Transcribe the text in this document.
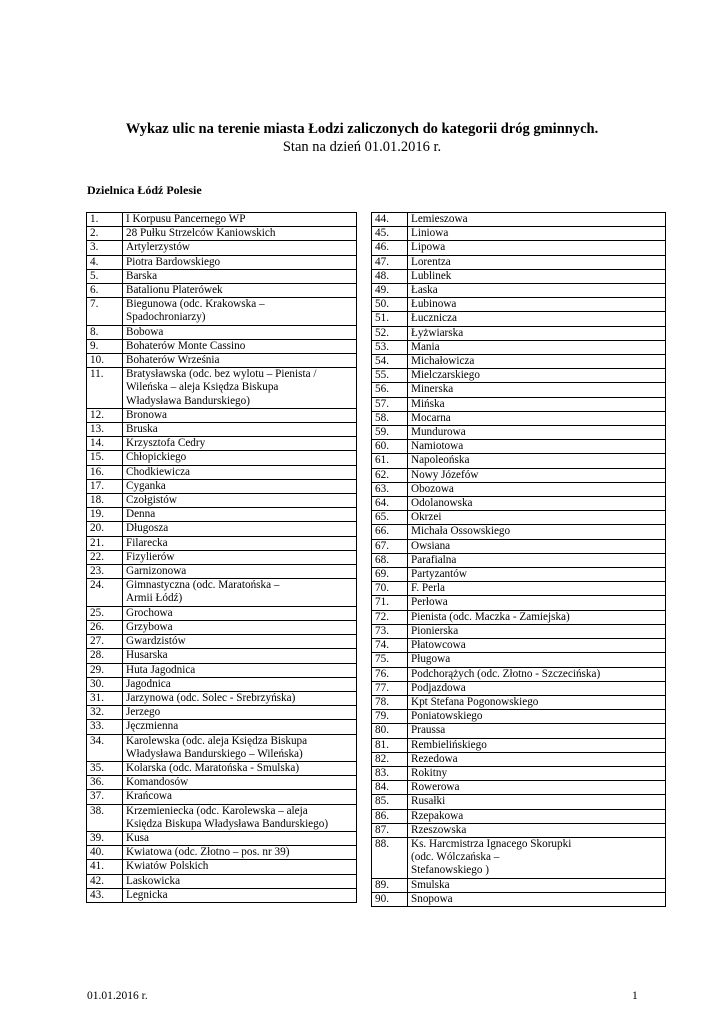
Wykaz ulic na terenie miasta Łodzi zaliczonych do kategorii dróg gminnych.
Stan na dzień 01.01.2016 r.
Dzielnica Łódź Polesie
1.	I Korpusu Pancernego WP
2.	28 Pułku Strzelców Kaniowskich
3.	Artylerzystów
4.	Piotra Bardowskiego
5.	Barska
6.	Batalionu Platerówek
7.	Biegunowa (odc. Krakowska –
Spadochroniarzy)
8.	Bobowa
9.	Bohaterów Monte Cassino
10.	Bohaterów Września
11.	Bratysławska (odc. bez wylotu – Pienista /
Wileńska – aleja Księdza Biskupa
Władysława Bandurskiego)
12.	Bronowa
13.	Bruska
14.	Krzysztofa Cedry
15.	Chłopickiego
16.	Chodkiewicza
17.	Cyganka
18.	Czołgistów
19.	Denna
20.	Długosza
21.	Filarecka
22.	Fizylierów
23.	Garnizonowa
24.	Gimnastyczna (odc. Maratońska –
Armii Łódź)
25.	Grochowa
26.	Grzybowa
27.	Gwardzistów
28.	Husarska
29.	Huta Jagodnica
30.	Jagodnica
31.	Jarzynowa (odc. Solec - Srebrzyńska)
32.	Jerzego
33.	Jęczmienna
34.	Karolewska (odc. aleja Księdza Biskupa
Władysława Bandurskiego – Wileńska)
35.	Kolarska (odc. Maratońska - Smulska)
36.	Komandosów
37.	Krańcowa
38.	Krzemieniecka (odc. Karolewska – aleja
Księdza Biskupa Władysława Bandurskiego)
39.	Kusa
40.	Kwiatowa (odc. Złotno – pos. nr 39)
41.	Kwiatów Polskich
42.	Laskowicka
43.	Legnicka
44.	Lemieszowa
45.	Liniowa
46.	Lipowa
47.	Lorentza
48.	Lublinek
49.	Łaska
50.	Łubinowa
51.	Łucznicza
52.	Łyżwiarska
53.	Mania
54.	Michałowicza
55.	Mielczarskiego
56.	Minerska
57.	Mińska
58.	Mocarna
59.	Mundurowa
60.	Namiotowa
61.	Napoleońska
62.	Nowy Józefów
63.	Obozowa
64.	Odolanowska
65.	Okrzei
66.	Michała Ossowskiego
67.	Owsiana
68.	Parafialna
69.	Partyzantów
70.	F. Perla
71.	Perłowa
72.	Pienista (odc. Maczka - Zamiejska)
73.	Pionierska
74.	Płatowcowa
75.	Pługowa
76.	Podchorążych (odc. Złotno - Szczecińska)
77.	Podjazdowa
78.	Kpt Stefana Pogonowskiego
79.	Poniatowskiego
80.	Praussa
81.	Rembielińskiego
82.	Rezedowa
83.	Rokitny
84.	Rowerowa
85.	Rusałki
86.	Rzepakowa
87.	Rzeszowska
88.	Ks. Harcmistrza Ignacego Skorupki
(odc. Wólczańska –
Stefanowskiego )
89.	Smulska
90.	Snopowa
01.01.2016 r.	1
